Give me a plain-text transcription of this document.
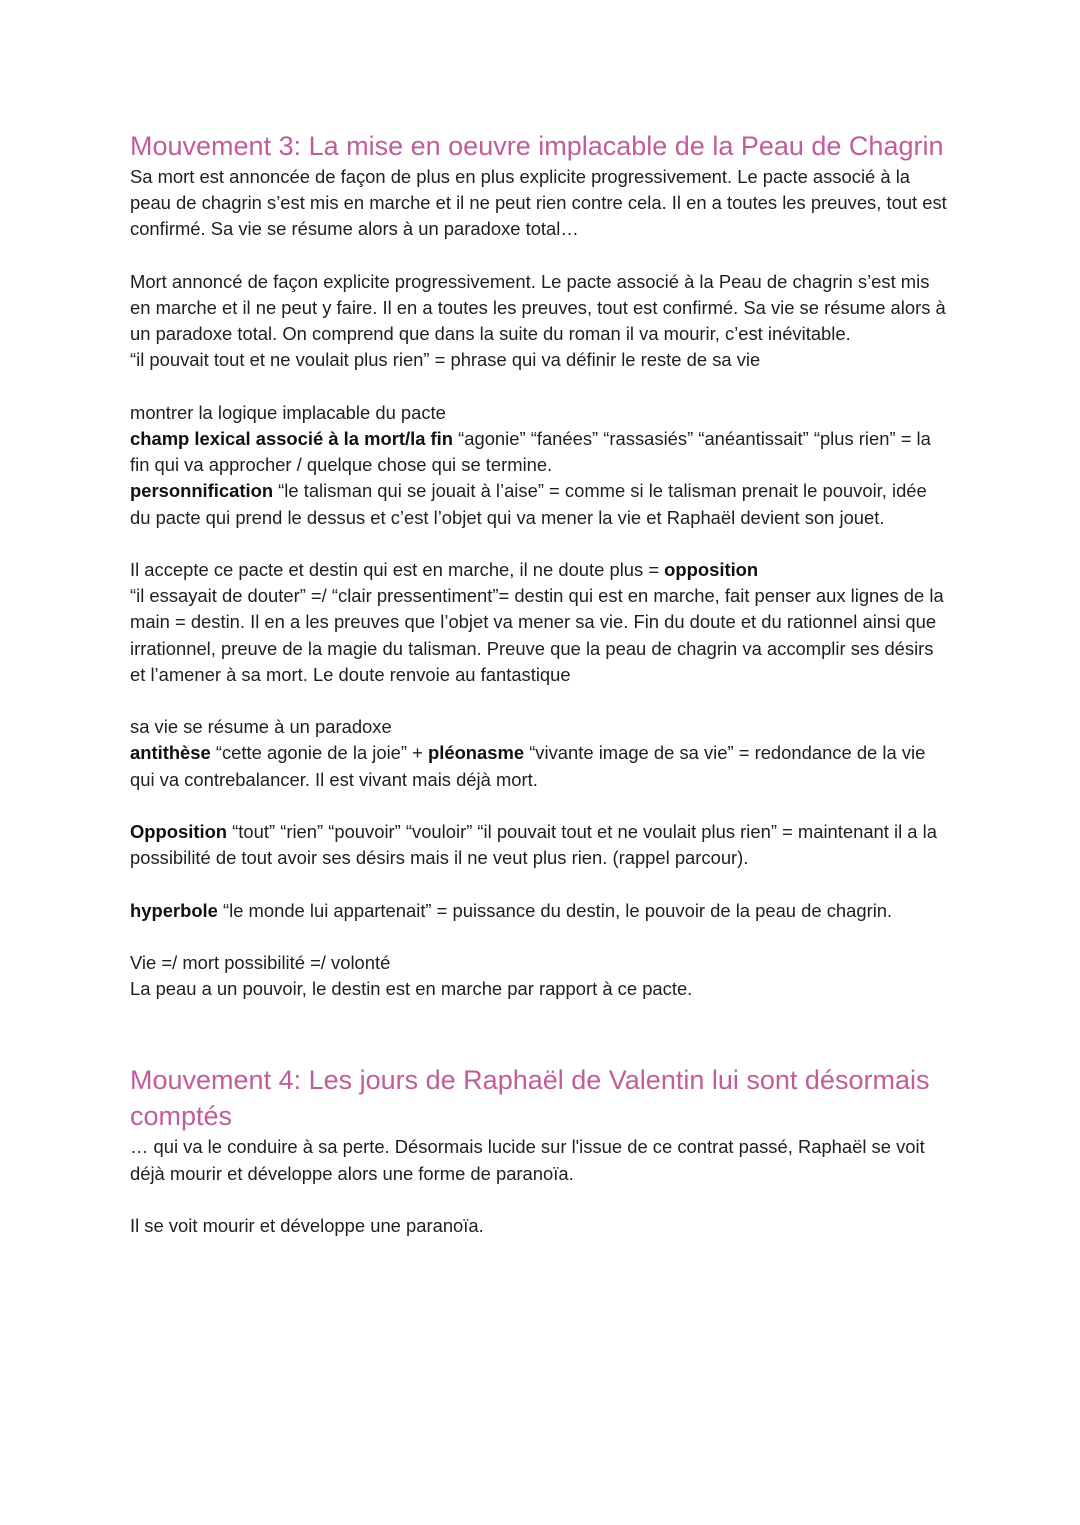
Mouvement 3: La mise en oeuvre implacable de la Peau de Chagrin

Sa mort est annoncée de façon de plus en plus explicite progressivement. Le pacte associé à la peau de chagrin s’est mis en marche et il ne peut rien contre cela. Il en a toutes les preuves, tout est confirmé. Sa vie se résume alors à un paradoxe total…

Mort annoncé de façon explicite progressivement. Le pacte associé à la Peau de chagrin s’est mis en marche et il ne peut y faire. Il en a toutes les preuves, tout est confirmé. Sa vie se résume alors à un paradoxe total. On comprend que dans la suite du roman il va mourir, c’est inévitable.

“il pouvait tout et ne voulait plus rien” = phrase qui va définir le reste de sa vie

montrer la logique implacable du pacte

champ lexical associé à la mort/la fin “agonie” “fanées” “rassasiés” “anéantissait” “plus rien” = la fin qui va approcher / quelque chose qui se termine.

personnification “le talisman qui se jouait à l’aise” = comme si le talisman prenait le pouvoir, idée du pacte qui prend le dessus et c’est l’objet qui va mener la vie et Raphaël devient son jouet.

Il accepte ce pacte et destin qui est en marche, il ne doute plus = opposition

“il essayait de douter” =/ “clair pressentiment”= destin qui est en marche, fait penser aux lignes de la main = destin. Il en a les preuves que l’objet va mener sa vie. Fin du doute et du rationnel ainsi que irrationnel, preuve de la magie du talisman. Preuve que la peau de chagrin va accomplir ses désirs et l’amener à sa mort. Le doute renvoie au fantastique

sa vie se résume à un paradoxe

antithèse “cette agonie de la joie” + pléonasme “vivante image de sa vie” = redondance de la vie qui va contrebalancer. Il est vivant mais déjà mort.

Opposition “tout” “rien” “pouvoir” “vouloir” “il pouvait tout et ne voulait plus rien” = maintenant il a la possibilité de tout avoir ses désirs mais il ne veut plus rien. (rappel parcour).

hyperbole “le monde lui appartenait” = puissance du destin, le pouvoir de la peau de chagrin.

Vie =/ mort possibilité =/ volonté

La peau a un pouvoir, le destin est en marche par rapport à ce pacte.

Mouvement 4: Les jours de Raphaël de Valentin lui sont désormais comptés

… qui va le conduire à sa perte. Désormais lucide sur l'issue de ce contrat passé, Raphaël se voit déjà mourir et développe alors une forme de paranoïa.

Il se voit mourir et développe une paranoïa.
